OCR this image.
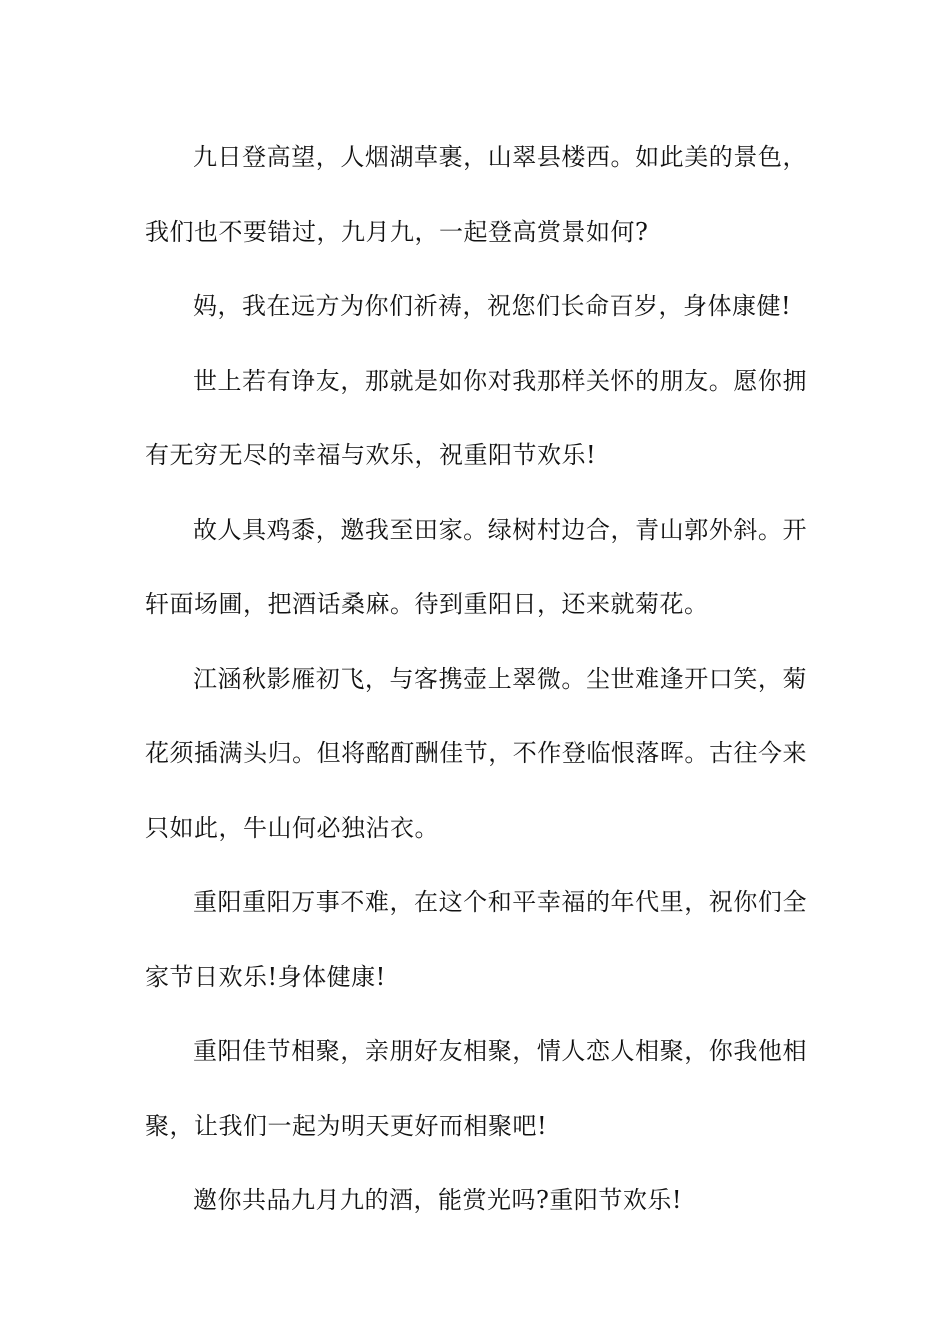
九日登高望，人烟湖草裹，山翠县楼西。如此美的景色，我们也不要错过，九月九，一起登高赏景如何?

妈，我在远方为你们祈祷，祝您们长命百岁，身体康健!

世上若有诤友，那就是如你对我那样关怀的朋友。愿你拥有无穷无尽的幸福与欢乐，祝重阳节欢乐!

故人具鸡黍，邀我至田家。绿树村边合，青山郭外斜。开轩面场圃，把酒话桑麻。待到重阳日，还来就菊花。

江涵秋影雁初飞，与客携壶上翠微。尘世难逢开口笑，菊花须插满头归。但将酩酊酬佳节，不作登临恨落晖。古往今来只如此，牛山何必独沾衣。

重阳重阳万事不难，在这个和平幸福的年代里，祝你们全家节日欢乐!身体健康!

重阳佳节相聚，亲朋好友相聚，情人恋人相聚，你我他相聚，让我们一起为明天更好而相聚吧!

邀你共品九月九的酒，能赏光吗?重阳节欢乐!
